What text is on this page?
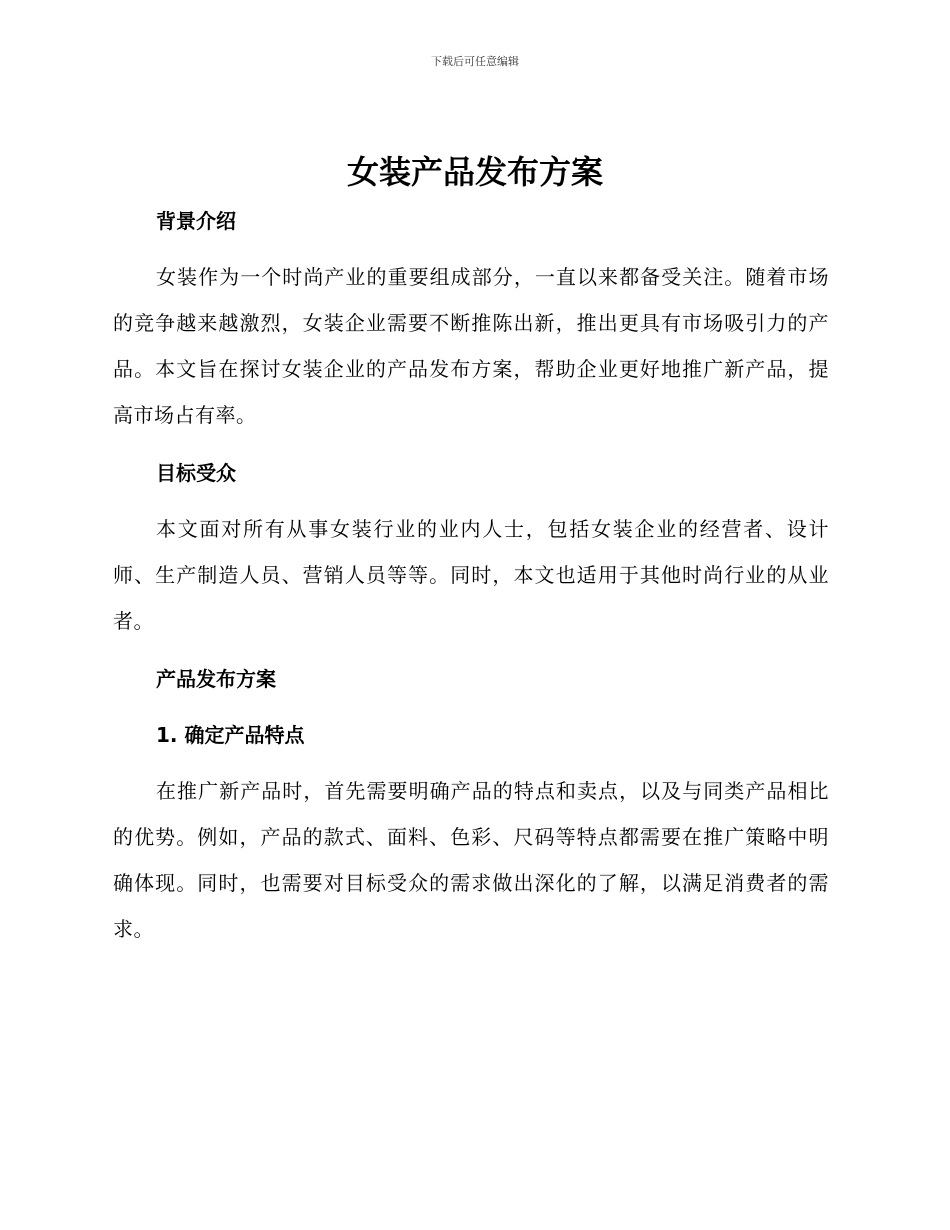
下载后可任意编辑
女装产品发布方案

背景介绍

女装作为一个时尚产业的重要组成部分，一直以来都备受关注。随着市场的竞争越来越激烈，女装企业需要不断推陈出新，推出更具有市场吸引力的产品。本文旨在探讨女装企业的产品发布方案，帮助企业更好地推广新产品，提高市场占有率。

目标受众

本文面对所有从事女装行业的业内人士，包括女装企业的经营者、设计师、生产制造人员、营销人员等等。同时，本文也适用于其他时尚行业的从业者。

产品发布方案

1. 确定产品特点

在推广新产品时，首先需要明确产品的特点和卖点，以及与同类产品相比的优势。例如，产品的款式、面料、色彩、尺码等特点都需要在推广策略中明确体现。同时，也需要对目标受众的需求做出深化的了解，以满足消费者的需求。
